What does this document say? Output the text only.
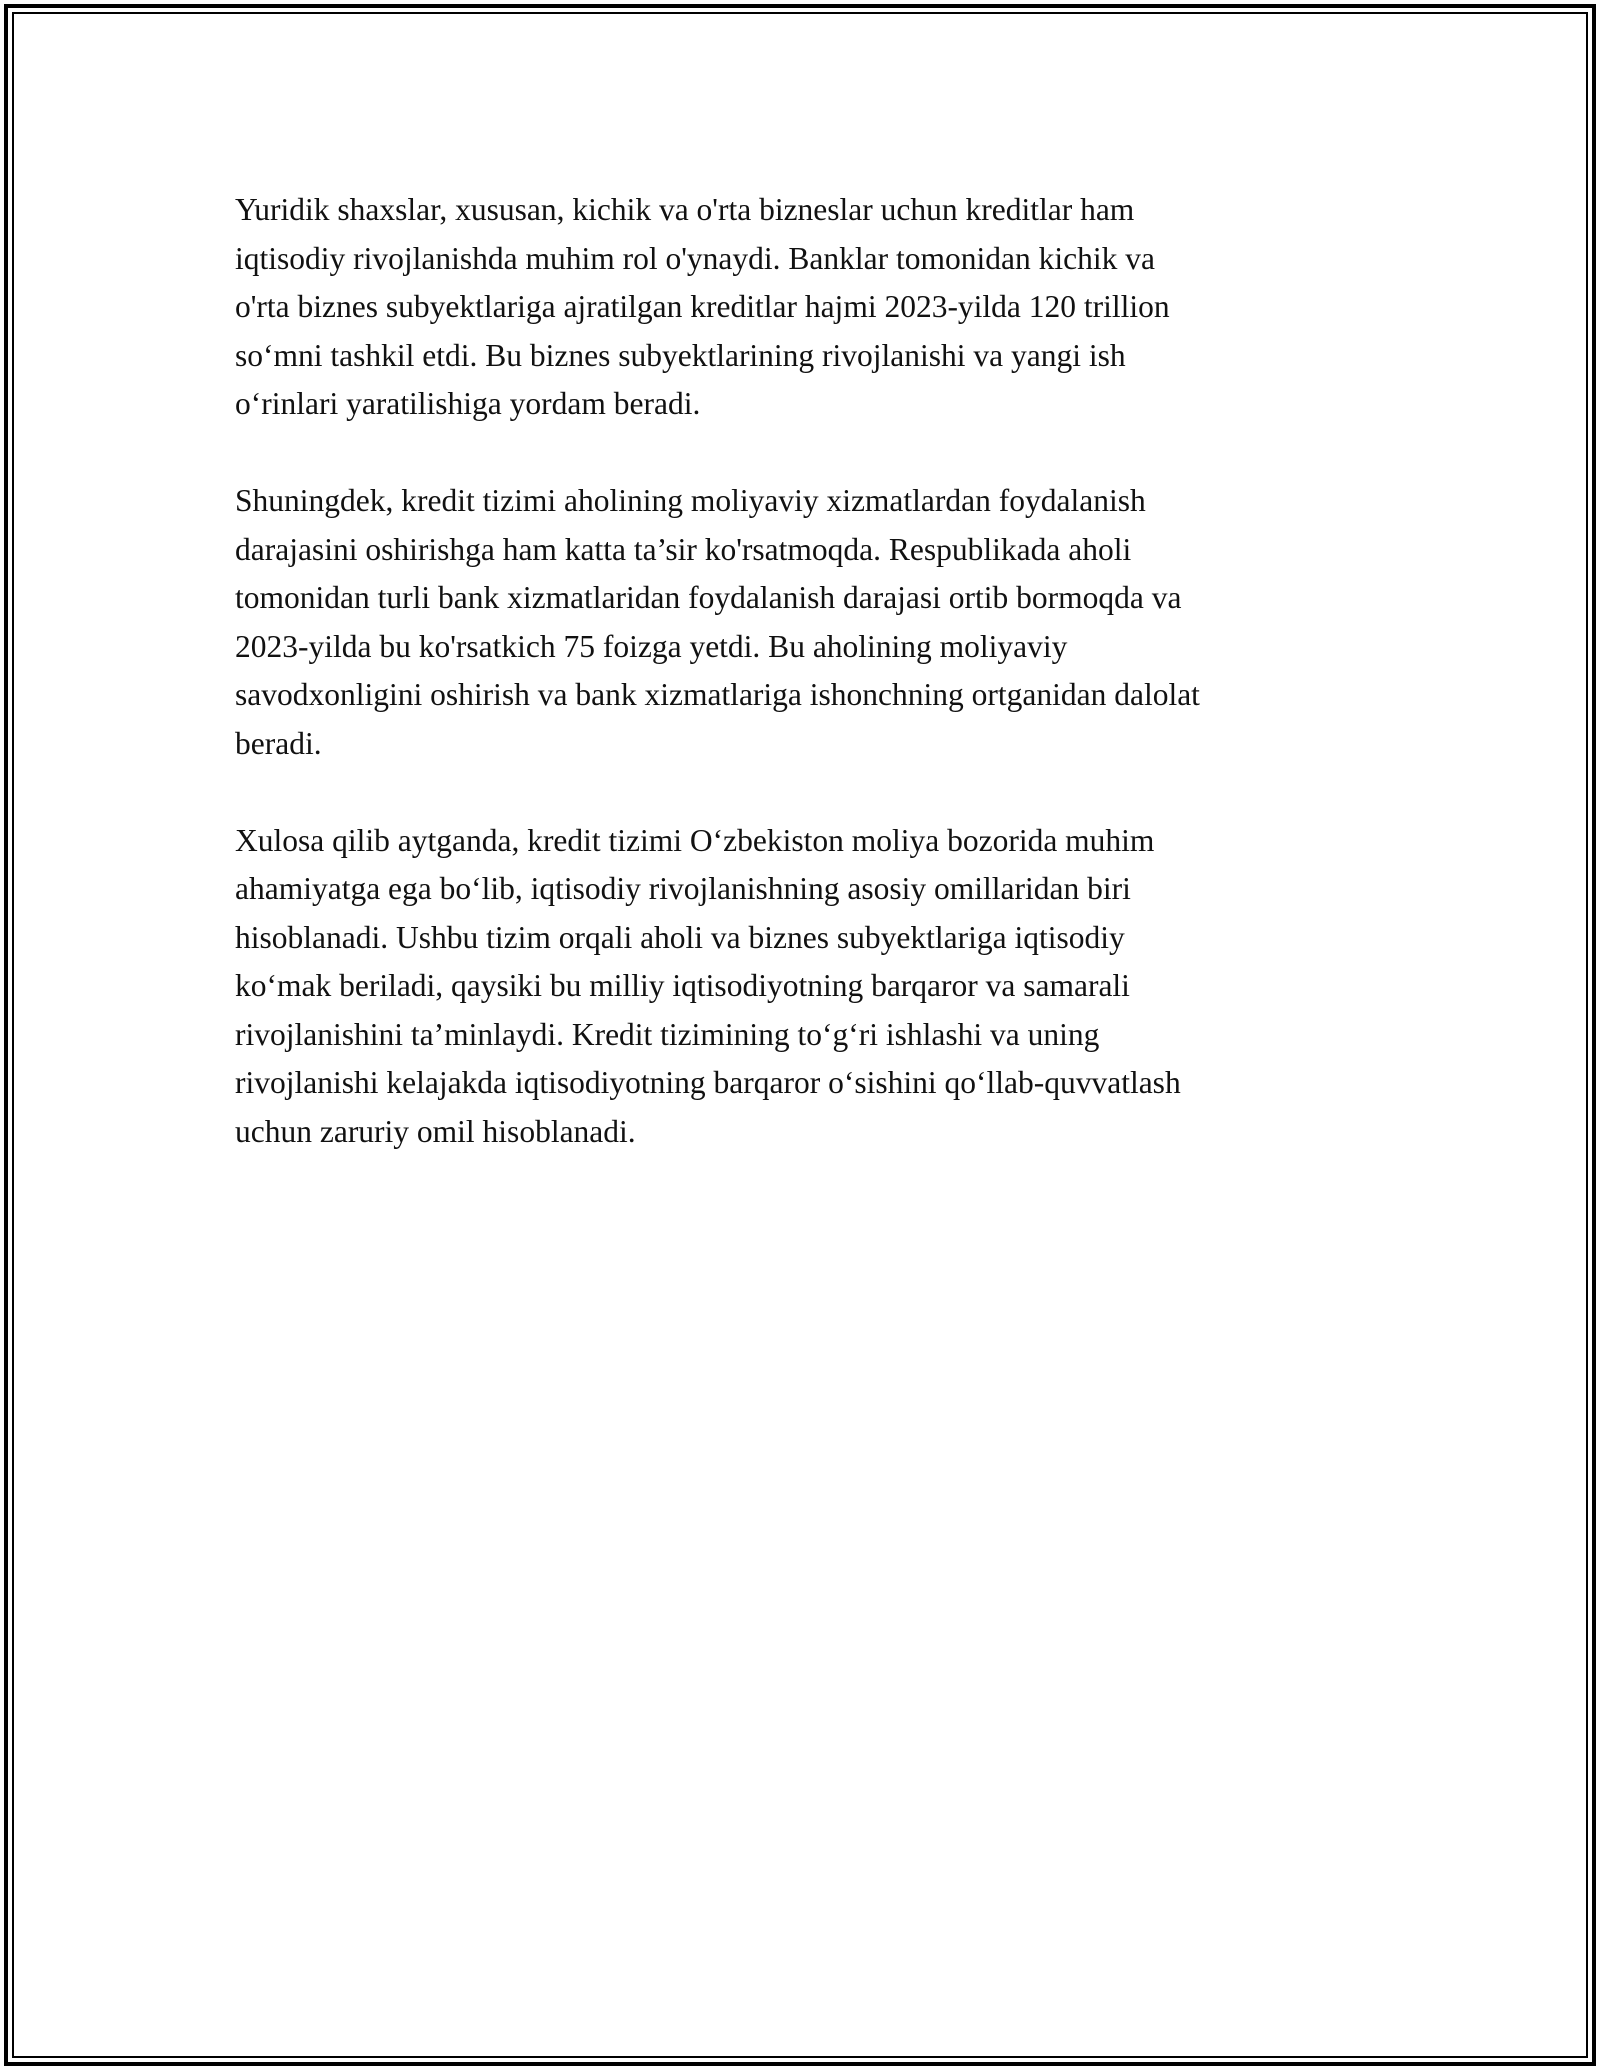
Yuridik shaxslar, xususan, kichik va o'rta bizneslar uchun kreditlar ham
iqtisodiy rivojlanishda muhim rol o'ynaydi. Banklar tomonidan kichik va
o'rta biznes subyektlariga ajratilgan kreditlar hajmi 2023-yilda 120 trillion
so‘mni tashkil etdi. Bu biznes subyektlarining rivojlanishi va yangi ish
o‘rinlari yaratilishiga yordam beradi.

Shuningdek, kredit tizimi aholining moliyaviy xizmatlardan foydalanish
darajasini oshirishga ham katta ta’sir ko'rsatmoqda. Respublikada aholi
tomonidan turli bank xizmatlaridan foydalanish darajasi ortib bormoqda va
2023-yilda bu ko'rsatkich 75 foizga yetdi. Bu aholining moliyaviy
savodxonligini oshirish va bank xizmatlariga ishonchning ortganidan dalolat
beradi.

Xulosa qilib aytganda, kredit tizimi O‘zbekiston moliya bozorida muhim
ahamiyatga ega bo‘lib, iqtisodiy rivojlanishning asosiy omillaridan biri
hisoblanadi. Ushbu tizim orqali aholi va biznes subyektlariga iqtisodiy
ko‘mak beriladi, qaysiki bu milliy iqtisodiyotning barqaror va samarali
rivojlanishini ta’minlaydi. Kredit tizimining to‘g‘ri ishlashi va uning
rivojlanishi kelajakda iqtisodiyotning barqaror o‘sishini qo‘llab-quvvatlash
uchun zaruriy omil hisoblanadi.
